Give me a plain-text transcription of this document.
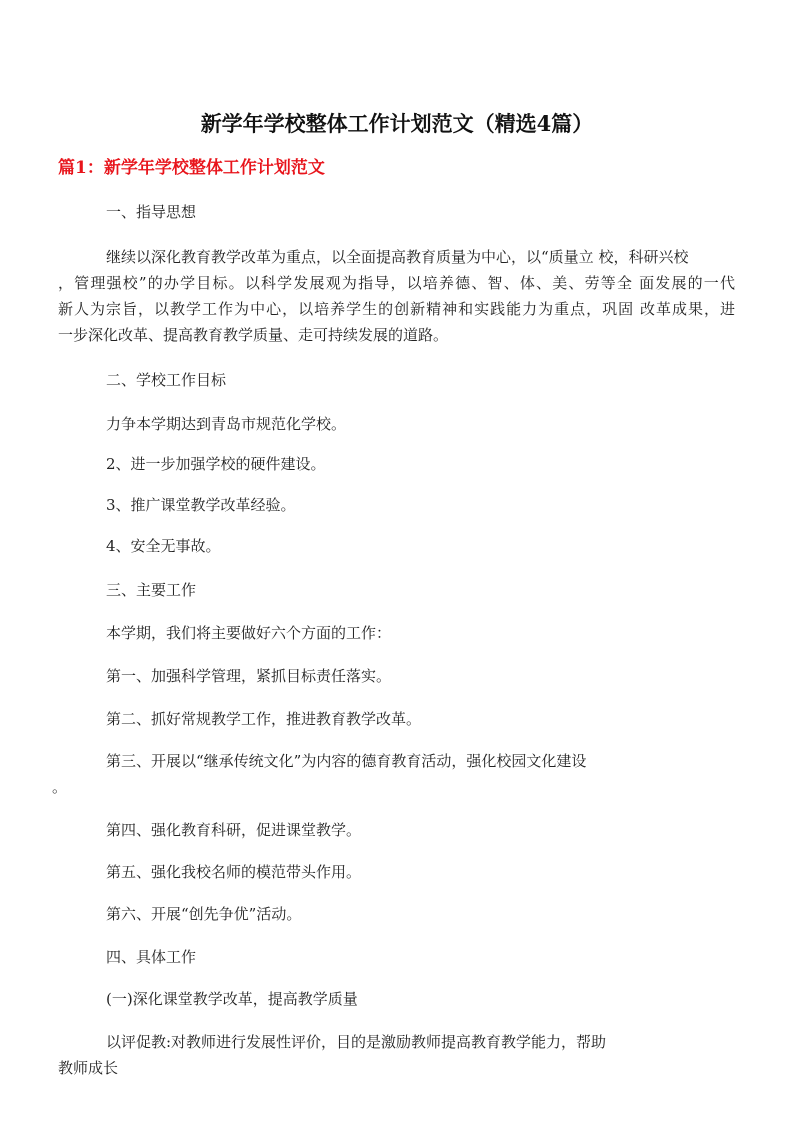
新学年学校整体工作计划范文（精选4篇）
篇1：新学年学校整体工作计划范文
一、指导思想
继续以深化教育教学改革为重点，以全面提高教育质量为中心，以“质量立 校，科研兴校
，管理强校”的办学目标。以科学发展观为指导，以培养德、智、体、美、劳等全 面发展的一代
新人为宗旨，以教学工作为中心，以培养学生的创新精神和实践能力为重点，巩固 改革成果，进
一步深化改革、提高教育教学质量、走可持续发展的道路。
二、学校工作目标
力争本学期达到青岛市规范化学校。
2、进一步加强学校的硬件建设。
3、推广课堂教学改革经验。
4、安全无事故。
三、主要工作
本学期，我们将主要做好六个方面的工作：
第一、加强科学管理，紧抓目标责任落实。
第二、抓好常规教学工作，推进教育教学改革。
第三、开展以“继承传统文化”为内容的德育教育活动，强化校园文化建设
。
第四、强化教育科研，促进课堂教学。
第五、强化我校名师的模范带头作用。
第六、开展“创先争优”活动。
四、具体工作
(一)深化课堂教学改革，提高教学质量
以评促教:对教师进行发展性评价，目的是激励教师提高教育教学能力，帮助
教师成长
